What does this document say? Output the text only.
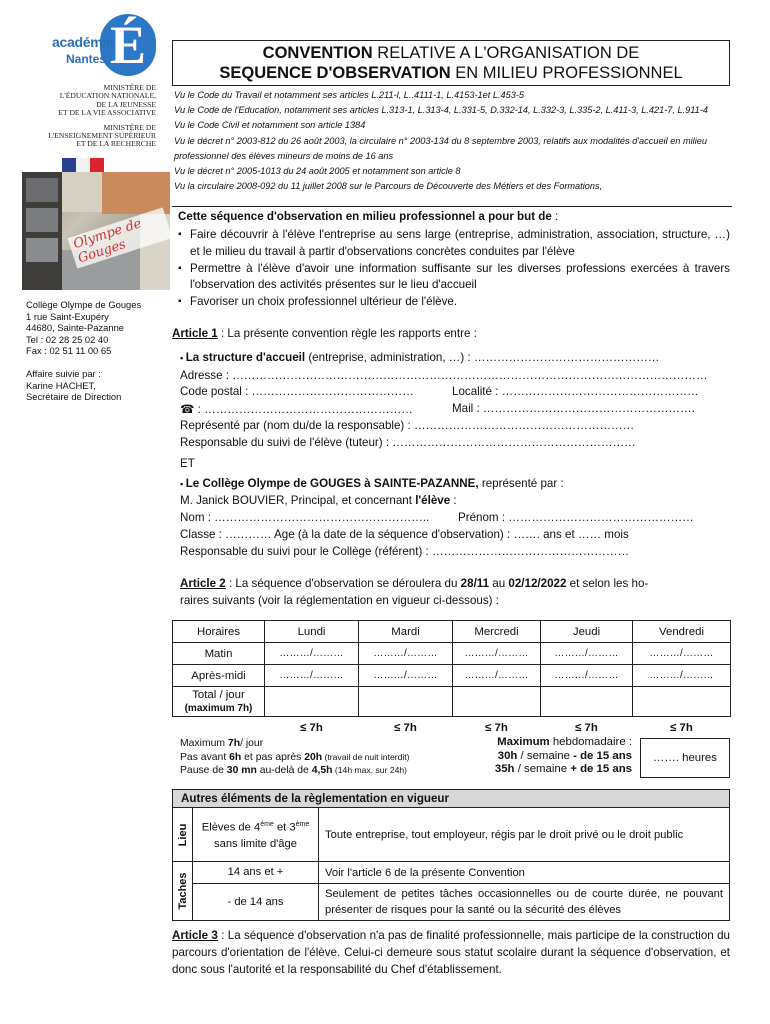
É
académie
Nantes
MINISTÈRE DE
L'ÉDUCATION NATIONALE,
DE LA JEUNESSE
ET DE LA VIE ASSOCIATIVE
MINISTÈRE DE
L'ENSEIGNEMENT SUPÉRIEUR
ET DE LA RECHERCHE
Olympe de Gouges
Collège Olympe de Gouges
1 rue Saint-Exupéry
44680, Sainte-Pazanne
Tel : 02 28 25 02 40
Fax : 02 51 11 00 65
Affaire suivie par :
Karine HACHET,
Secrétaire de Direction
CONVENTION RELATIVE A L'ORGANISATION DE
SEQUENCE D'OBSERVATION EN MILIEU PROFESSIONNEL
Vu le Code du Travail et notamment ses articles L.211-l, L..4111-1, L.4153-1et L.453-5
Vu le Code de l'Education, notamment ses articles L.313-1, L.313-4, L.331-5, D.332-14, L.332-3, L.335-2, L.411-3, L.421-7, L.911-4
Vu le Code Civil et notamment son article 1384
Vu le décret n° 2003-812 du 26 août 2003, la circulaire n° 2003-134 du 8 septembre 2003, relatifs aux modalités d'accueil en milieu professionnel des élèves mineurs de moins de 16 ans
Vu le décret n° 2005-1013 du 24 août 2005 et notamment son article 8
Vu la circulaire 2008-092 du 11 juillet 2008 sur le Parcours de Découverte des Métiers et des Formations,
Cette séquence d'observation en milieu professionnel a pour but de :
▪ Faire découvrir à l'élève l'entreprise au sens large (entreprise, administration, association, structure, …) et le milieu du travail à partir d'observations concrètes conduites par l'élève
▪ Permettre à l'élève d'avoir une information suffisante sur les diverses professions exercées à travers l'observation des activités présentes sur le lieu d'accueil
▪ Favoriser un choix professionnel ultérieur de l'élève.
Article 1 : La présente convention règle les rapports entre :
▪ La structure d'accueil (entreprise, administration, …) : …………………………………………
Adresse : ……………………………………………………………………………………………………………
Code postal : ……………………………………	Localité : ……………………………………………
☎ : ………………………………………………	Mail : ……………………………………………….
Représenté par (nom du/de la responsable) : …………………………………………………
Responsable du suivi de l'élève (tuteur) : ………………………………………………………
ET
▪ Le Collège Olympe de GOUGES à SAINTE-PAZANNE, représenté par :
M. Janick BOUVIER, Principal, et concernant l'élève :
Nom : ……………………………………………….. Prénom : …………………………………………
Classe : ………… Age (à la date de la séquence d'observation) : ……. ans et …… mois
Responsable du suivi pour le Collège (référent) : ……………………………………………
Article 2 : La séquence d'observation se déroulera du 28/11 au 02/12/2022 et selon les ho-
raires suivants (voir la réglementation en vigueur ci-dessous) :
Horaires	Lundi	Mardi	Mercredi	Jeudi	Vendredi
Matin	………/………	………/………	………/………	………/………	………/………
Après-midi	………/………	………/………	………/………	………/………	………/………

Total / jour
(maximum 7h)					

	≤ 7h	≤ 7h	≤ 7h	≤ 7h	≤ 7h
Maximum 7h/ jour
Pas avant 6h et pas après 20h (travail de nuit interdit)
Pause de 30 mn au-delà de 4,5h (14h max. sur 24h)
Maximum hebdomadaire :
30h / semaine - de 15 ans
35h / semaine + de 15 ans
……. heures
Autres éléments de la règlementation en vigueur		

Lieu	Elèves de $4^{éme}$ et 3ème sans limite d'âge	Toute entreprise, tout employeur, régis par le droit privé ou le droit public

Taches	14 ans et +	Voir l'article 6 de la présente Convention
	- de 14 ans	Seulement de petites tâches occasionnelles ou de courte durée, ne pouvant présenter de risques pour la santé ou la sécurité des élèves
Article 3 : La séquence d'observation n'a pas de finalité professionnelle, mais participe de la construction du parcours d'orientation de l'élève. Celui-ci demeure sous statut scolaire durant la séquence d'observation, et donc sous l'autorité et la responsabilité du Chef d'établissement.
